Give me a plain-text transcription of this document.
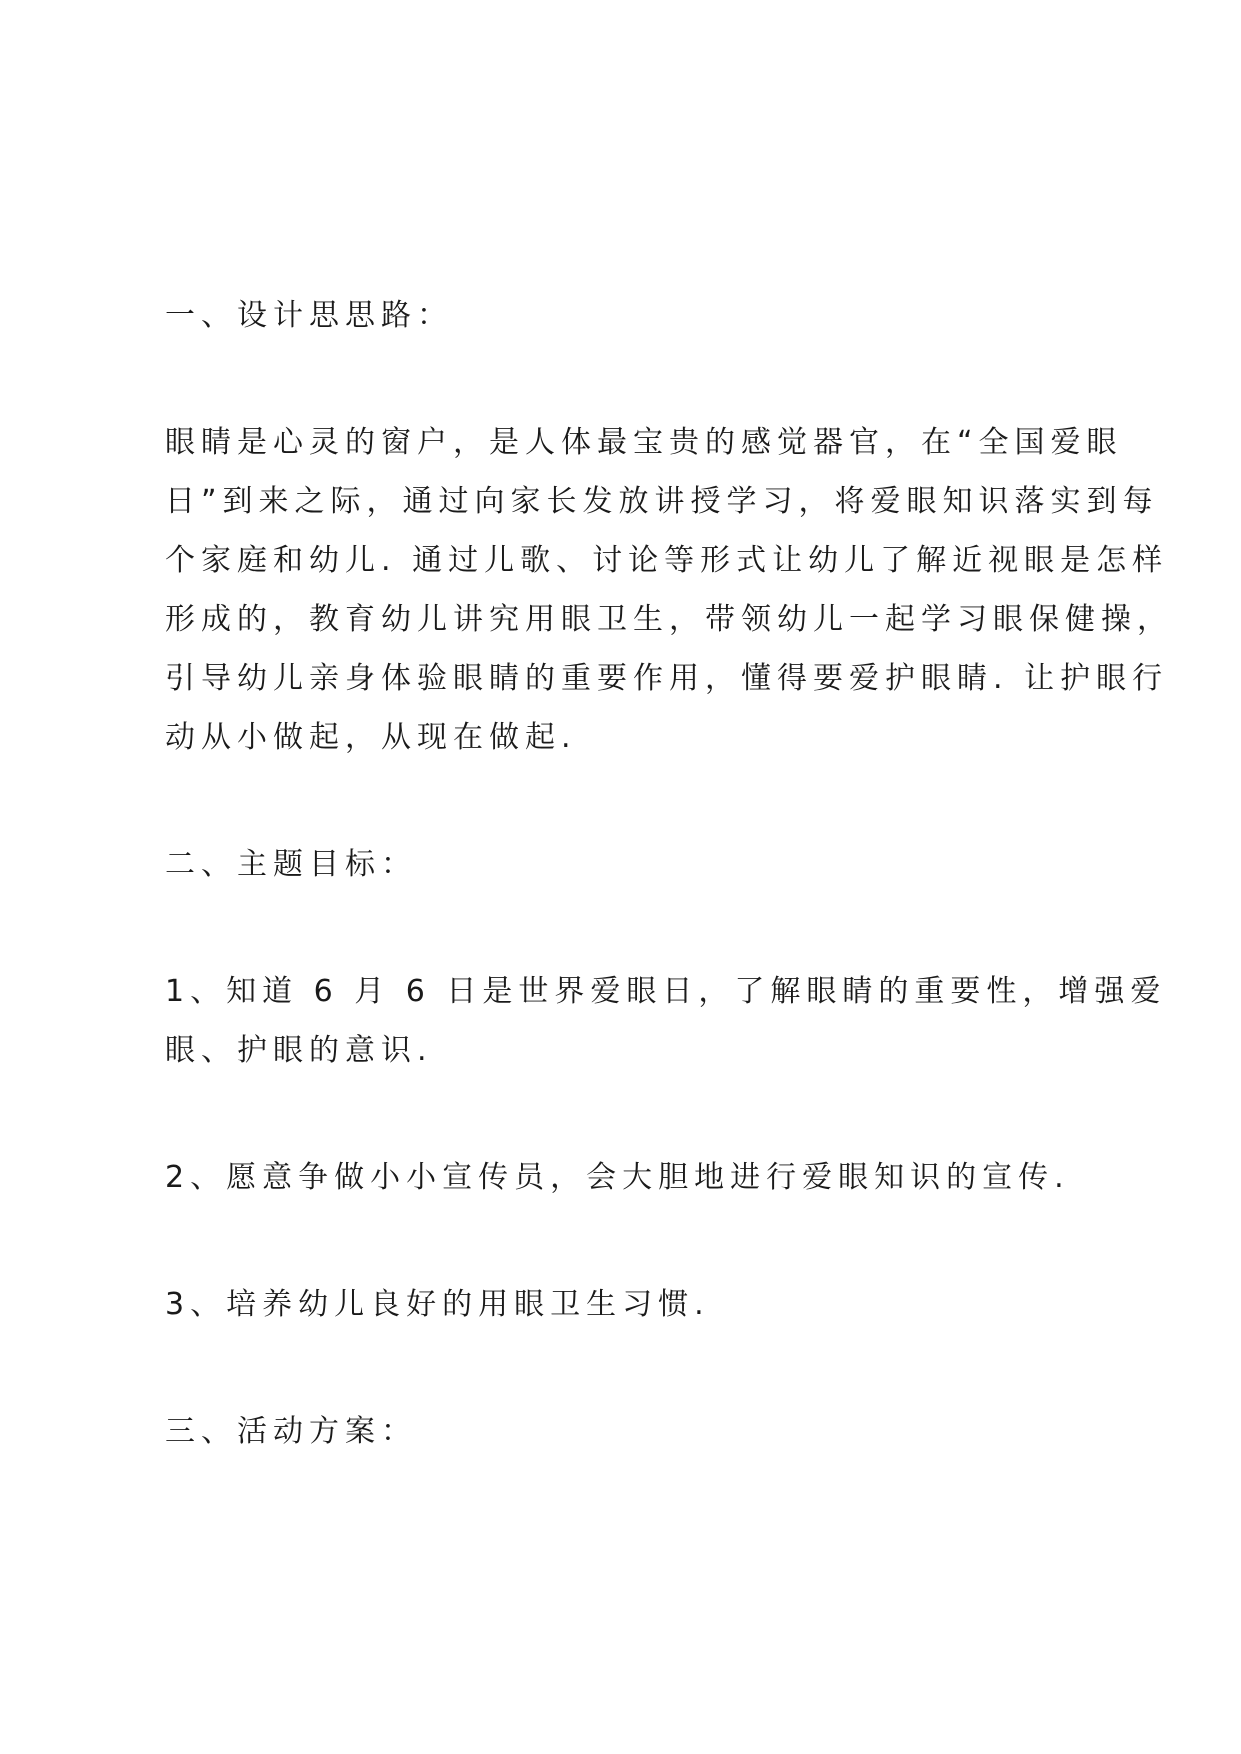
一、设计思思路：

眼睛是心灵的窗户，是人体最宝贵的感觉器官，在“全国爱眼

日”到来之际，通过向家长发放讲授学习，将爱眼知识落实到每

个家庭和幼儿. 通过儿歌、讨论等形式让幼儿了解近视眼是怎样

形成的，教育幼儿讲究用眼卫生，带领幼儿一起学习眼保健操，

引导幼儿亲身体验眼睛的重要作用，懂得要爱护眼睛. 让护眼行

动从小做起，从现在做起.

二、主题目标：

1、知道 6 月 6 日是世界爱眼日，了解眼睛的重要性，增强爱

眼、护眼的意识.

2、愿意争做小小宣传员，会大胆地进行爱眼知识的宣传.

3、培养幼儿良好的用眼卫生习惯.

三、活动方案：
